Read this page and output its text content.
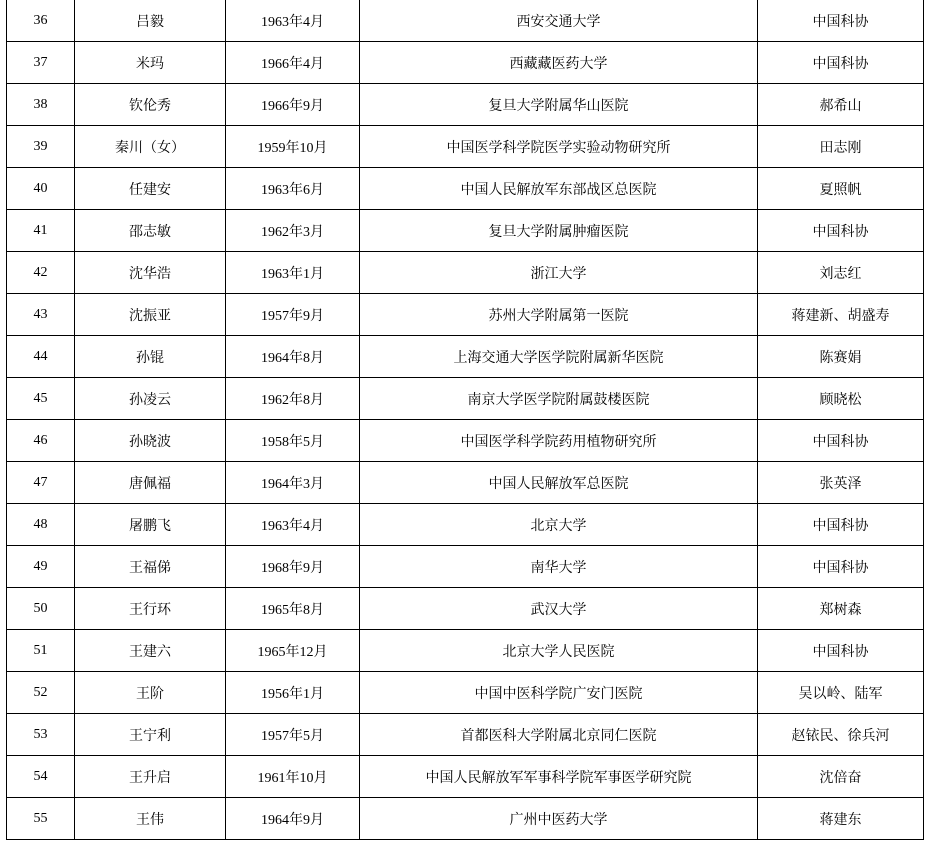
36	吕毅	1963年4月	西安交通大学	中国科协
37	米玛	1966年4月	西藏藏医药大学	中国科协
38	钦伦秀	1966年9月	复旦大学附属华山医院	郝希山
39	秦川（女）	1959年10月	中国医学科学院医学实验动物研究所	田志刚
40	任建安	1963年6月	中国人民解放军东部战区总医院	夏照帆
41	邵志敏	1962年3月	复旦大学附属肿瘤医院	中国科协
42	沈华浩	1963年1月	浙江大学	刘志红
43	沈振亚	1957年9月	苏州大学附属第一医院	蒋建新、胡盛寿
44	孙锟	1964年8月	上海交通大学医学院附属新华医院	陈赛娟
45	孙凌云	1962年8月	南京大学医学院附属鼓楼医院	顾晓松
46	孙晓波	1958年5月	中国医学科学院药用植物研究所	中国科协
47	唐佩福	1964年3月	中国人民解放军总医院	张英泽
48	屠鹏飞	1963年4月	北京大学	中国科协
49	王福俤	1968年9月	南华大学	中国科协
50	王行环	1965年8月	武汉大学	郑树森
51	王建六	1965年12月	北京大学人民医院	中国科协
52	王阶	1956年1月	中国中医科学院广安门医院	吴以岭、陆军
53	王宁利	1957年5月	首都医科大学附属北京同仁医院	赵铱民、徐兵河
54	王升启	1961年10月	中国人民解放军军事科学院军事医学研究院	沈倍奋
55	王伟	1964年9月	广州中医药大学	蒋建东
